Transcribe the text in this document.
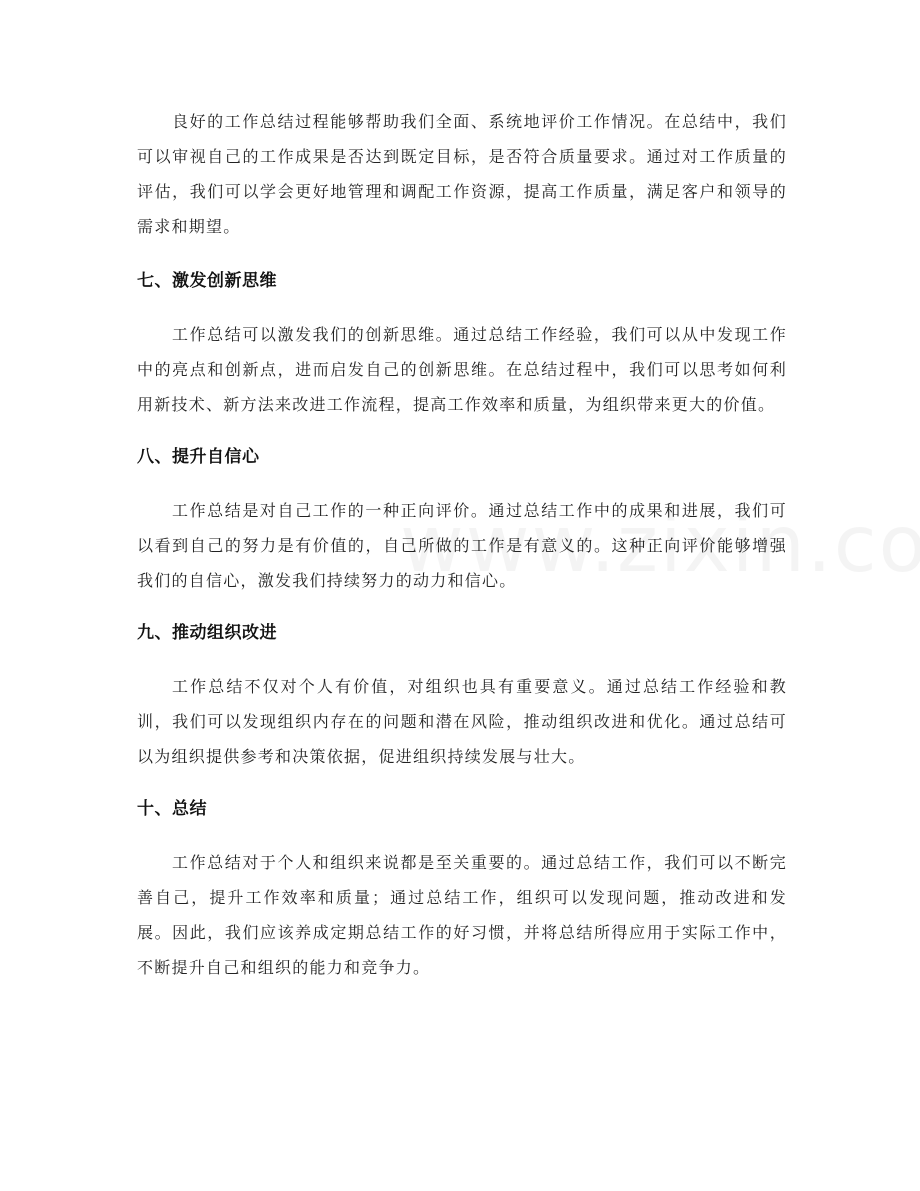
良好的工作总结过程能够帮助我们全面、系统地评价工作情况。在总结中，我们可以审视自己的工作成果是否达到既定目标，是否符合质量要求。通过对工作质量的评估，我们可以学会更好地管理和调配工作资源，提高工作质量，满足客户和领导的需求和期望。

七、激发创新思维

工作总结可以激发我们的创新思维。通过总结工作经验，我们可以从中发现工作中的亮点和创新点，进而启发自己的创新思维。在总结过程中，我们可以思考如何利用新技术、新方法来改进工作流程，提高工作效率和质量，为组织带来更大的价值。

八、提升自信心

工作总结是对自己工作的一种正向评价。通过总结工作中的成果和进展，我们可以看到自己的努力是有价值的，自己所做的工作是有意义的。这种正向评价能够增强我们的自信心，激发我们持续努力的动力和信心。

九、推动组织改进

工作总结不仅对个人有价值，对组织也具有重要意义。通过总结工作经验和教训，我们可以发现组织内存在的问题和潜在风险，推动组织改进和优化。通过总结可以为组织提供参考和决策依据，促进组织持续发展与壮大。

十、总结

工作总结对于个人和组织来说都是至关重要的。通过总结工作，我们可以不断完善自己，提升工作效率和质量；通过总结工作，组织可以发现问题，推动改进和发展。因此，我们应该养成定期总结工作的好习惯，并将总结所得应用于实际工作中，不断提升自己和组织的能力和竞争力。
